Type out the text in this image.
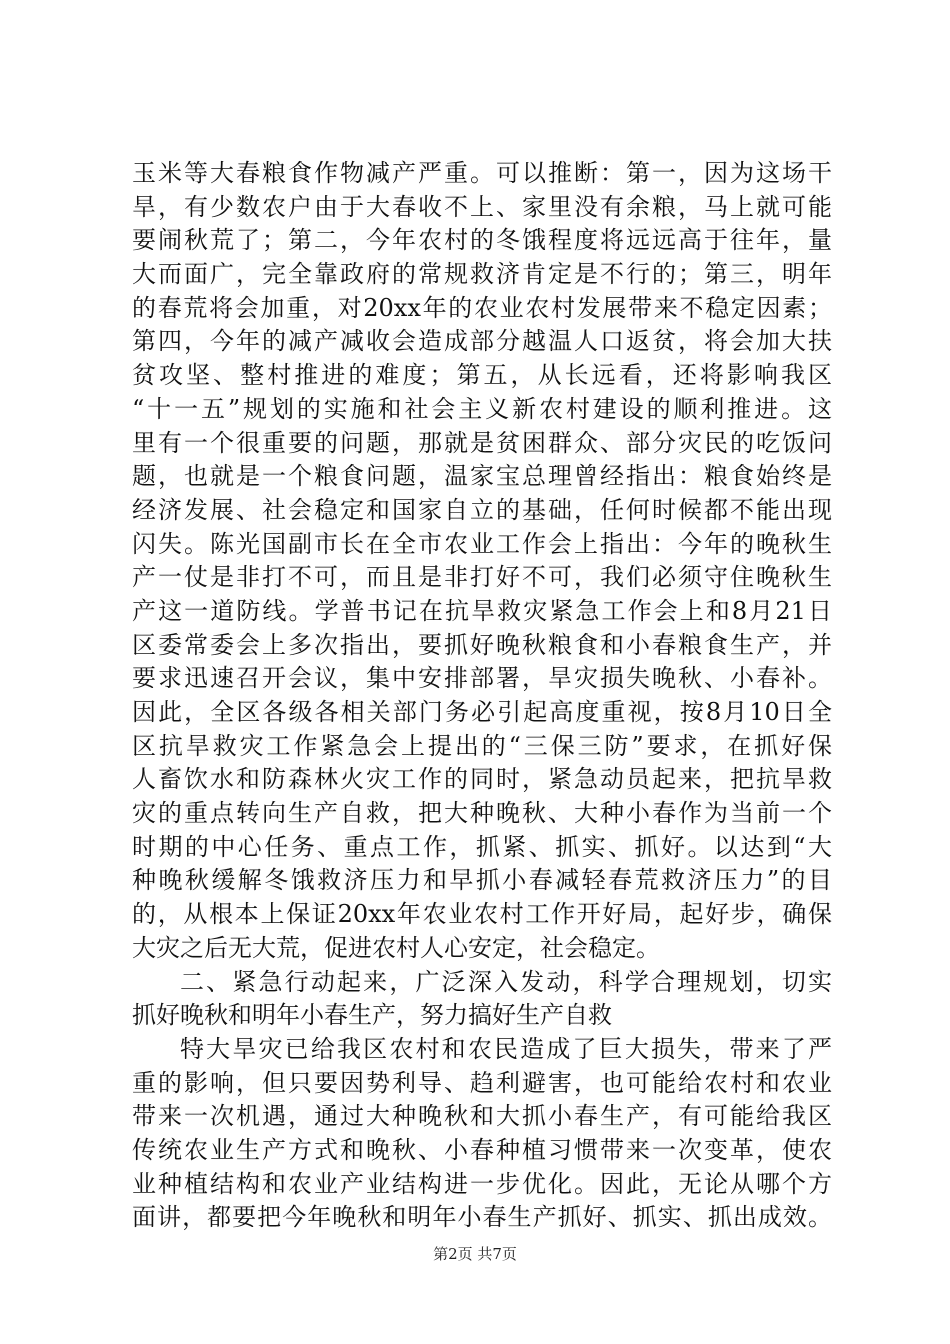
玉米等大春粮食作物减产严重。可以推断：第一，因为这场干
旱，有少数农户由于大春收不上、家里没有余粮，马上就可能
要闹秋荒了；第二，今年农村的冬饿程度将远远高于往年，量
大而面广，完全靠政府的常规救济肯定是不行的；第三，明年
的春荒将会加重，对20xx年的农业农村发展带来不稳定因素；
第四，今年的减产减收会造成部分越温人口返贫，将会加大扶
贫攻坚、整村推进的难度；第五，从长远看，还将影响我区
“十一五”规划的实施和社会主义新农村建设的顺利推进。这
里有一个很重要的问题，那就是贫困群众、部分灾民的吃饭问
题，也就是一个粮食问题，温家宝总理曾经指出：粮食始终是
经济发展、社会稳定和国家自立的基础，任何时候都不能出现
闪失。陈光国副市长在全市农业工作会上指出：今年的晚秋生
产一仗是非打不可，而且是非打好不可，我们必须守住晚秋生
产这一道防线。学普书记在抗旱救灾紧急工作会上和8月21日
区委常委会上多次指出，要抓好晚秋粮食和小春粮食生产，并
要求迅速召开会议，集中安排部署，旱灾损失晚秋、小春补。
因此，全区各级各相关部门务必引起高度重视，按8月10日全
区抗旱救灾工作紧急会上提出的“三保三防”要求，在抓好保
人畜饮水和防森林火灾工作的同时，紧急动员起来，把抗旱救
灾的重点转向生产自救，把大种晚秋、大种小春作为当前一个
时期的中心任务、重点工作，抓紧、抓实、抓好。以达到“大
种晚秋缓解冬饿救济压力和早抓小春减轻春荒救济压力”的目
的，从根本上保证20xx年农业农村工作开好局，起好步，确保
大灾之后无大荒，促进农村人心安定，社会稳定。
二、紧急行动起来，广泛深入发动，科学合理规划，切实
抓好晚秋和明年小春生产，努力搞好生产自救
特大旱灾已给我区农村和农民造成了巨大损失，带来了严
重的影响，但只要因势利导、趋利避害，也可能给农村和农业
带来一次机遇，通过大种晚秋和大抓小春生产，有可能给我区
传统农业生产方式和晚秋、小春种植习惯带来一次变革，使农
业种植结构和农业产业结构进一步优化。因此，无论从哪个方
面讲，都要把今年晚秋和明年小春生产抓好、抓实、抓出成效。
第2页 共7页
